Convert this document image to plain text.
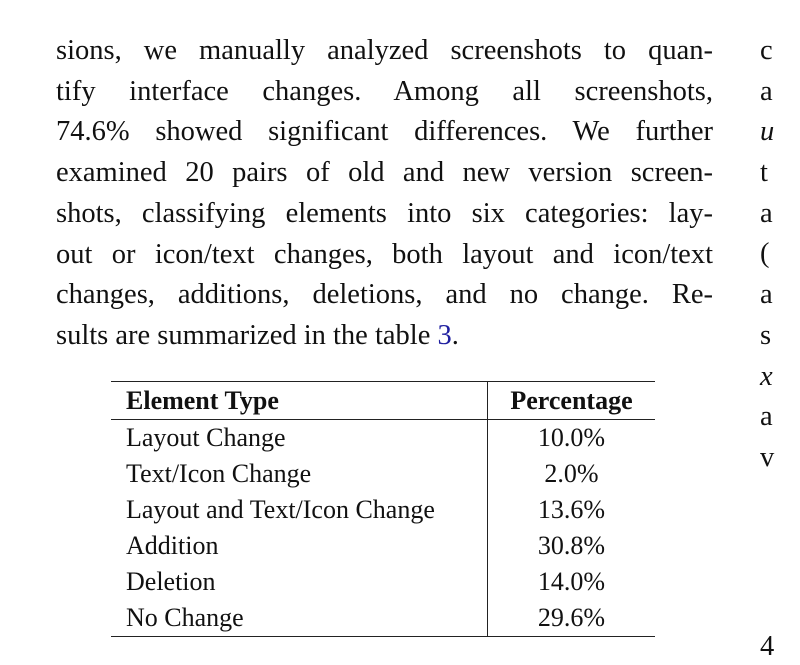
sions, we manually analyzed screenshots to quan-
tify interface changes. Among all screenshots,
74.6% showed significant differences. We further
examined 20 pairs of old and new version screen-
shots, classifying elements into six categories: lay-
out or icon/text changes, both layout and icon/text
changes, additions, deletions, and no change. Re-
sults are summarized in the table 3.
Element Type	Percentage
Layout Change	10.0%
Text/Icon Change	2.0%
Layout and Text/Icon Change	13.6%
Addition	30.8%
Deletion	14.0%
No Change	29.6%
c
a
u
t
a
(
a
s
x
a
v
4
